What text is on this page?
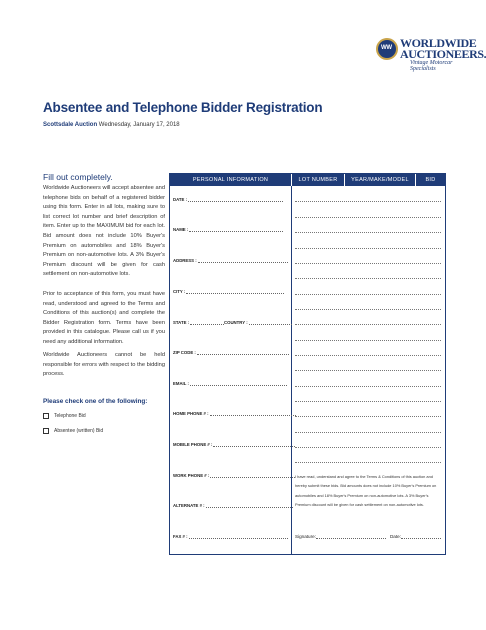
WW WORLDWIDE
AUCTIONEERS.
Vintage Motorcar Specialists
Absentee and Telephone Bidder Registration
Scottsdale Auction Wednesday, January 17, 2018
Fill out completely.
Worldwide Auctioneers will accept absentee and telephone bids on behalf of a registered bidder using this form. Enter in all lots, making sure to list correct lot number and brief description of item. Enter up to the MAXIMUM bid for each lot. Bid amount does not include 10% Buyer's Premium on automobiles and 18% Buyer's Premium on non-automotive lots. A 3% Buyer's Premium discount will be given for cash settlement on non-automotive lots.
Prior to acceptance of this form, you must have read, understood and agreed to the Terms and Conditions of this auction(s) and complete the Bidder Registration form. Terms have been provided in this catalogue. Please call us if you need any additional information.
Worldwide Auctioneers cannot be held responsible for errors with respect to the bidding process.
Please check one of the following:
Telephone Bid
Absentee (written) Bid
PERSONAL INFORMATION	LOT NUMBER	YEAR/MAKE/MODEL	BID
DATE :
NAME :
ADDRESS :
CITY :
STATE :	COUNTRY :
ZIP CODE :
EMAIL :
HOME PHONE # :
MOBILE PHONE # :
WORK PHONE # :
ALTERNATE # :
FAX # :
I have read, understand and agree to the Terms & Conditions of this auction and hereby submit these bids. Bid amounts does not include 10% Buyer's Premium on automobiles and 18% Buyer's Premium on non-automotive lots. A 3% Buyer's Premium discount will be given for cash settlement on non-automotive lots.
Signature:	Date:
